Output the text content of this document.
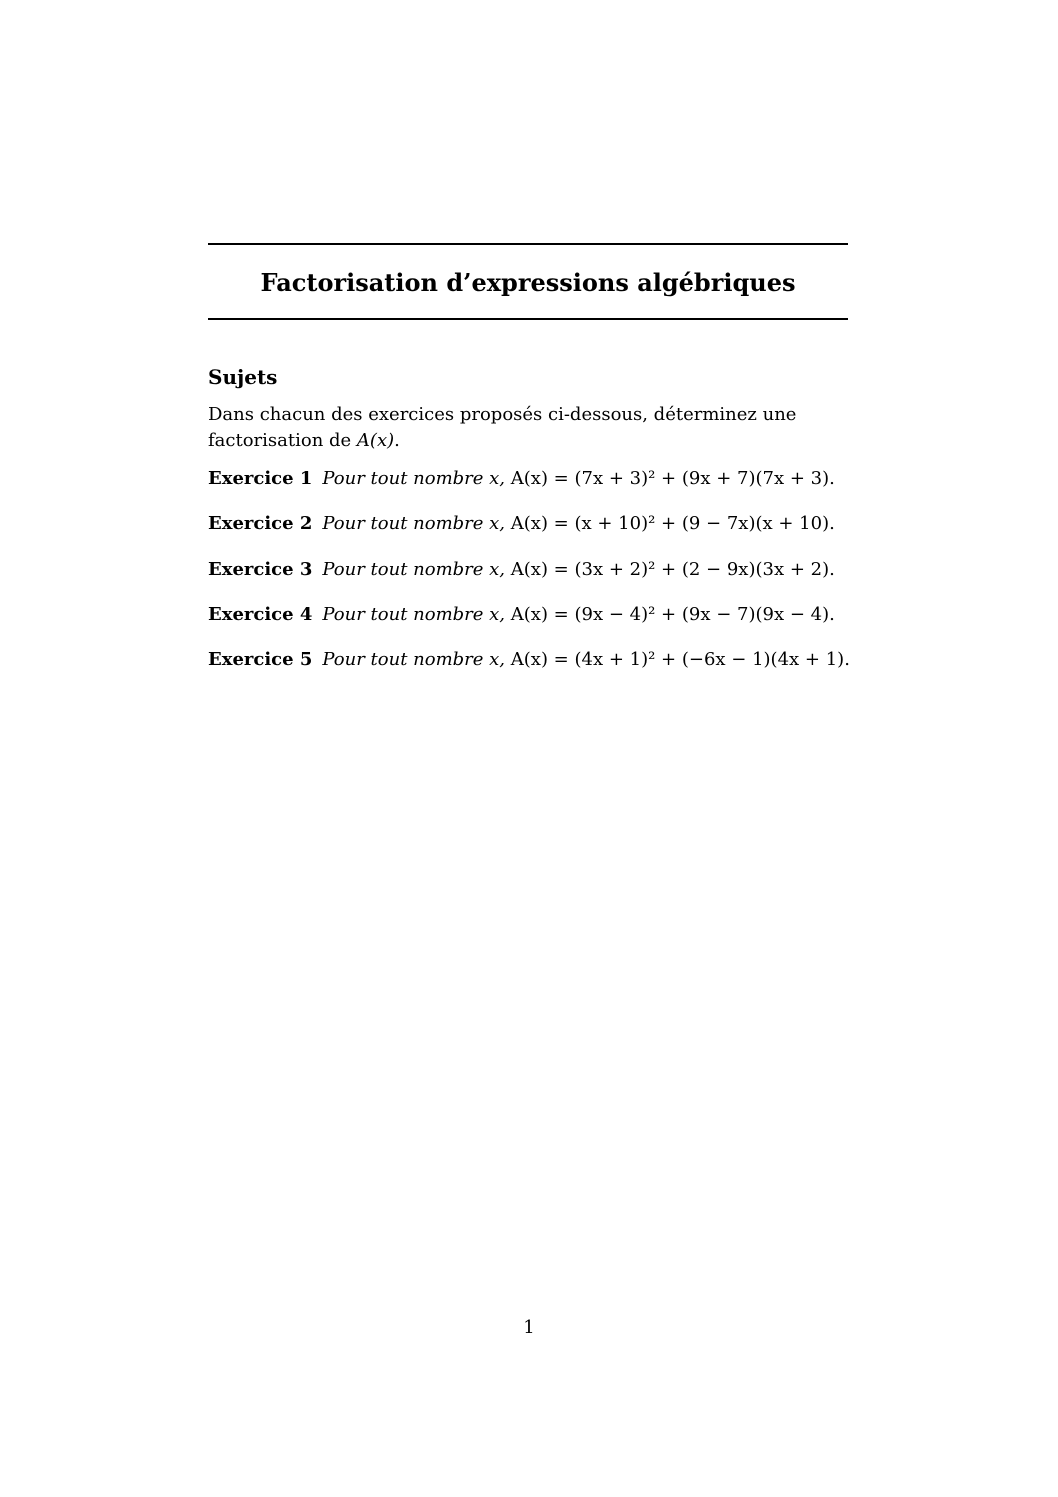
Factorisation d’expressions algébriques
Sujets
Dans chacun des exercices proposés ci-dessous, déterminez une factorisation de A(x).
Exercice 1 Pour tout nombre x, A(x) = (7x + 3)² + (9x + 7)(7x + 3).
Exercice 2 Pour tout nombre x, A(x) = (x + 10)² + (9 − 7x)(x + 10).
Exercice 3 Pour tout nombre x, A(x) = (3x + 2)² + (2 − 9x)(3x + 2).
Exercice 4 Pour tout nombre x, A(x) = (9x − 4)² + (9x − 7)(9x − 4).
Exercice 5 Pour tout nombre x, A(x) = (4x + 1)² + (−6x − 1)(4x + 1).
1
